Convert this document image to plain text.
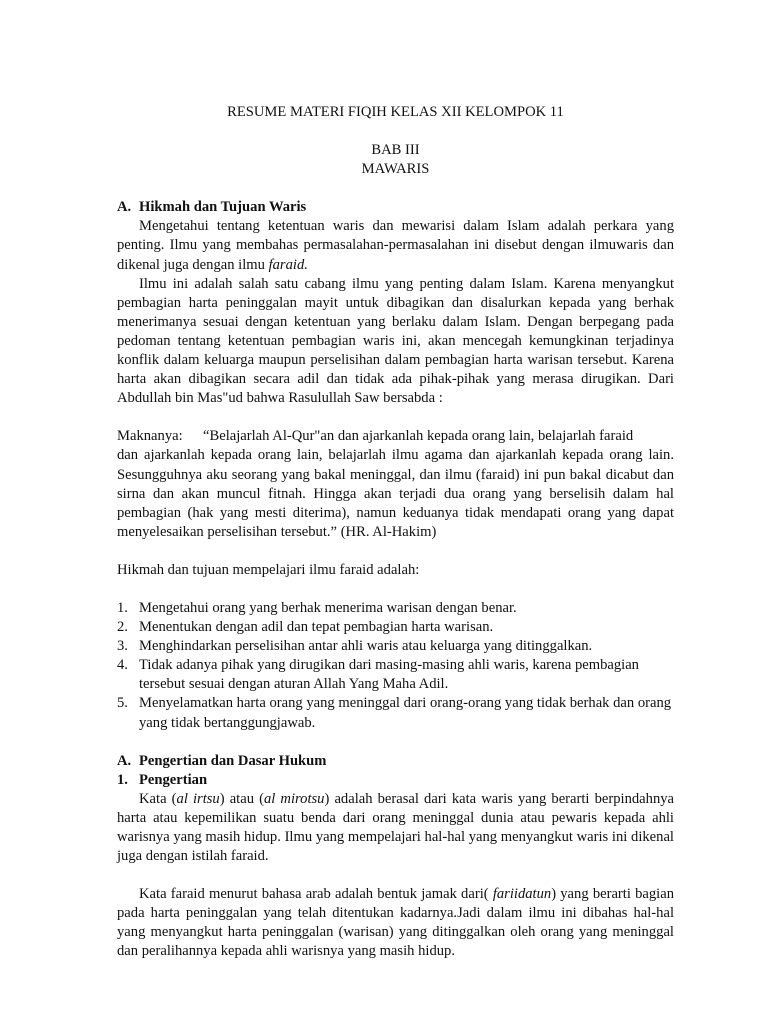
RESUME MATERI FIQIH KELAS XII KELOMPOK 11
BAB III
MAWARIS
A. Hikmah dan Tujuan Waris
Mengetahui tentang ketentuan waris dan mewarisi dalam Islam adalah perkara yang penting. Ilmu yang membahas permasalahan-permasalahan ini disebut dengan ilmuwaris dan dikenal juga dengan ilmu faraid.
Ilmu ini adalah salah satu cabang ilmu yang penting dalam Islam. Karena menyangkut pembagian harta peninggalan mayit untuk dibagikan dan disalurkan kepada yang berhak menerimanya sesuai dengan ketentuan yang berlaku dalam Islam. Dengan berpegang pada pedoman tentang ketentuan pembagian waris ini, akan mencegah kemungkinan terjadinya konflik dalam keluarga maupun perselisihan dalam pembagian harta warisan tersebut. Karena harta akan dibagikan secara adil dan tidak ada pihak-pihak yang merasa dirugikan. Dari Abdullah bin Mas"ud bahwa Rasulullah Saw bersabda :
Maknanya:	“Belajarlah Al-Qur"an dan ajarkanlah kepada orang lain, belajarlah faraid
dan ajarkanlah kepada orang lain, belajarlah ilmu agama dan ajarkanlah kepada orang lain. Sesungguhnya aku seorang yang bakal meninggal, dan ilmu (faraid) ini pun bakal dicabut dan sirna dan akan muncul fitnah. Hingga akan terjadi dua orang yang berselisih dalam hal pembagian (hak yang mesti diterima), namun keduanya tidak mendapati orang yang dapat menyelesaikan perselisihan tersebut.” (HR. Al-Hakim)
Hikmah dan tujuan mempelajari ilmu faraid adalah:
1. Mengetahui orang yang berhak menerima warisan dengan benar.
2. Menentukan dengan adil dan tepat pembagian harta warisan.
3. Menghindarkan perselisihan antar ahli waris atau keluarga yang ditinggalkan.
4. Tidak adanya pihak yang dirugikan dari masing-masing ahli waris, karena pembagian tersebut sesuai dengan aturan Allah Yang Maha Adil.
5. Menyelamatkan harta orang yang meninggal dari orang-orang yang tidak berhak dan orang yang tidak bertanggungjawab.
A. Pengertian dan Dasar Hukum
1. Pengertian
Kata (al irtsu) atau (al mirotsu) adalah berasal dari kata waris yang berarti berpindahnya harta atau kepemilikan suatu benda dari orang meninggal dunia atau pewaris kepada ahli warisnya yang masih hidup. Ilmu yang mempelajari hal-hal yang menyangkut waris ini dikenal juga dengan istilah faraid.
Kata faraid menurut bahasa arab adalah bentuk jamak dari( fariidatun) yang berarti bagian pada harta peninggalan yang telah ditentukan kadarnya.Jadi dalam ilmu ini dibahas hal-hal yang menyangkut harta peninggalan (warisan) yang ditinggalkan oleh orang yang meninggal dan peralihannya kepada ahli warisnya yang masih hidup.
